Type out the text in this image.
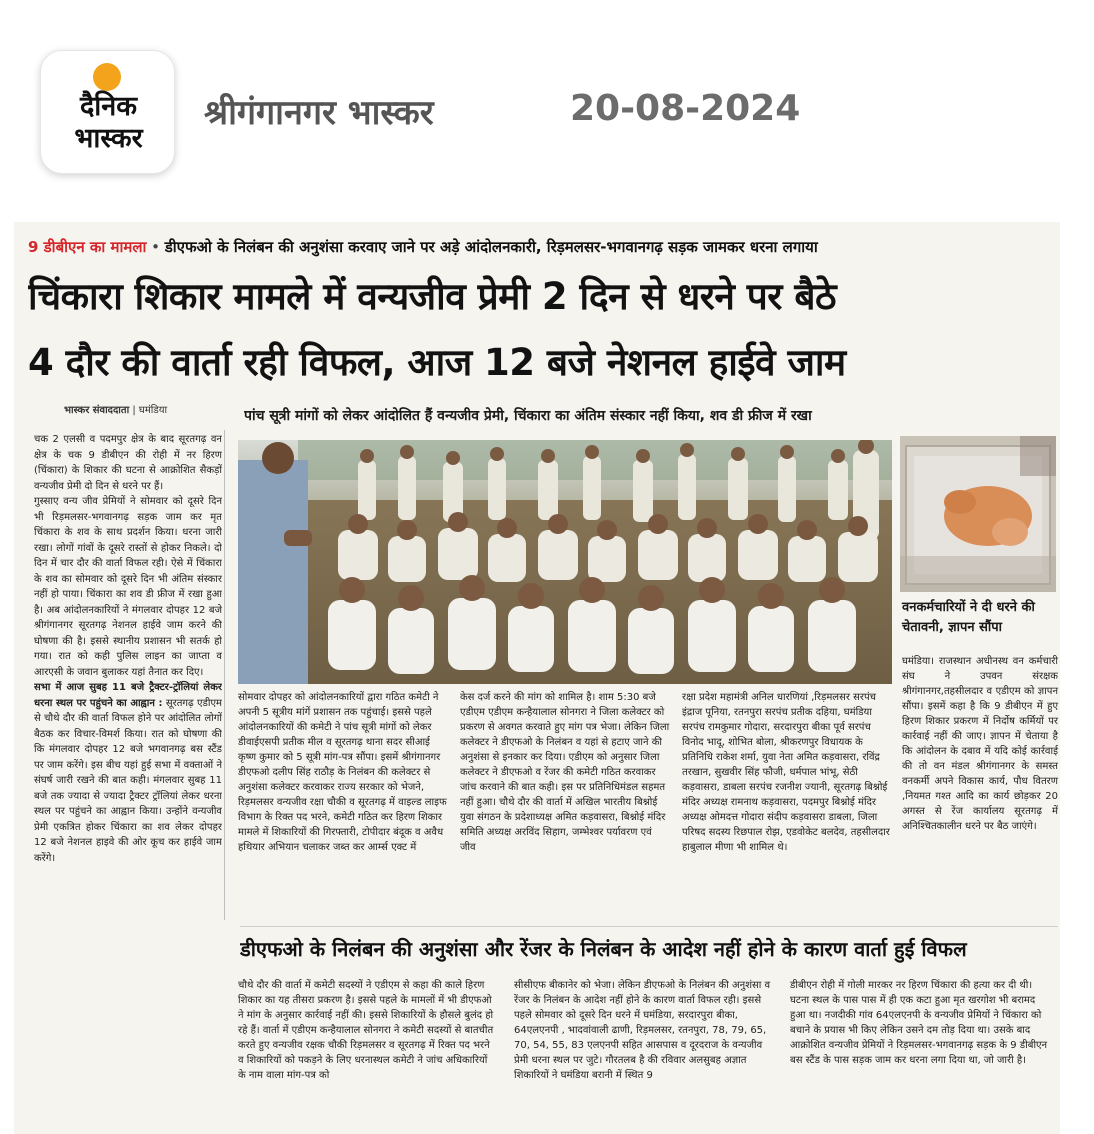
दैनिक
भास्कर
श्रीगंगानगर भास्कर	20-08-2024
9 डीबीएन का मामला • डीएफओ के निलंबन की अनुशंसा करवाए जाने पर अड़े आंदोलनकारी, रिड़मलसर-भगवानगढ़ सड़क जामकर धरना लगाया
चिंकारा शिकार मामले में वन्यजीव प्रेमी 2 दिन से धरने पर बैठे
4 दौर की वार्ता रही विफल, आज 12 बजे नेशनल हाईवे जाम
भास्कर संवाददाता | घमंडिया	पांच सूत्री मांगों को लेकर आंदोलित हैं वन्यजीव प्रेमी, चिंकारा का अंतिम संस्कार नहीं किया, शव डी फ्रीज में रखा

चक 2 एलसी व पदमपुर क्षेत्र के बाद सूरतगढ़ वन क्षेत्र के चक 9 डीबीएन की रोही में नर हिरण (चिंकारा) के शिकार की घटना से आक्रोशित सैकड़ों वन्यजीव प्रेमी दो दिन से धरने पर हैं।

गुस्साए वन्य जीव प्रेमियों ने सोमवार को दूसरे दिन भी रिड़मलसर-भगवानगढ़ सड़क जाम कर मृत चिंकारा के शव के साथ प्रदर्शन किया। धरना जारी रखा। लोगों गांवों के दूसरे रास्तों से होकर निकले। दो दिन में चार दौर की वार्ता विफल रही। ऐसे में चिंकारा के शव का सोमवार को दूसरे दिन भी अंतिम संस्कार नहीं हो पाया। चिंकारा का शव डी फ्रीज में रखा हुआ है। अब आंदोलनकारियों ने मंगलवार दोपहर 12 बजे श्रीगंगानगर सूरतगढ़ नेशनल हाईवे जाम करने की घोषणा की है। इससे स्थानीय प्रशासन भी सतर्क हो गया। रात को कही पुलिस लाइन का जाप्ता व आरएसी के जवान बुलाकर यहां तैनात कर दिए।

सभा में आज सुबह 11 बजे ट्रैक्टर-ट्रॉलियां लेकर धरना स्थल पर पहुंचने का आह्वान : सूरतगढ़ एडीएम से चौथे दौर की वार्ता विफल होने पर आंदोलित लोगों बैठक कर विचार-विमर्श किया। रात को घोषणा की कि मंगलवार दोपहर 12 बजे भगवानगढ़ बस स्टैंड पर जाम करेंगे। इस बीच यहां हुई सभा में वक्ताओं ने संघर्ष जारी रखने की बात कही। मंगलवार सुबह 11 बजे तक ज्यादा से ज्यादा ट्रैक्टर ट्रॉलियां लेकर धरना स्थल पर पहुंचने का आह्वान किया। उन्होंने वन्यजीव प्रेमी एकत्रित होकर चिंकारा का शव लेकर दोपहर 12 बजे नेशनल हाइवे की ओर कूच कर हाईवे जाम करेंगे।

वनकर्मचारियों ने दी धरने की चेतावनी, ज्ञापन सौंपा
घमंडिया। राजस्थान अधीनस्थ वन कर्मचारी संघ ने उपवन संरक्षक श्रीगंगानगर,तहसीलदार व एडीएम को ज्ञापन सौंपा। इसमें कहा है कि 9 डीबीएन में हुए हिरण शिकार प्रकरण में निर्दोष कर्मियों पर कार्रवाई नहीं की जाए। ज्ञापन में चेताया है कि आंदोलन के दबाव में यदि कोई कार्रवाई की तो वन मंडल श्रीगंगानगर के समस्त वनकर्मी अपने विकास कार्य, पौध वितरण ,नियमत गश्त आदि का कार्य छोड़कर 20 अगस्त से रेंज कार्यालय सूरतगढ़ में अनिश्चितकालीन धरने पर बैठ जाएंगे।
सोमवार दोपहर को आंदोलनकारियों द्वारा गठित कमेटी ने अपनी 5 सूत्रीय मांगें प्रशासन तक पहुंचाई। इससे पहले आंदोलनकारियों की कमेटी ने पांच सूत्री मांगों को लेकर डीवाईएसपी प्रतीक मील व सूरतगढ़ थाना सदर सीआई कृष्ण कुमार को 5 सूत्री मांग-पत्र सौंपा। इसमें श्रीगंगानगर डीएफओ दलीप सिंह राठौड़ के निलंबन की कलेक्टर से अनुशंसा कलेक्टर करवाकर राज्य सरकार को भेजने, रिड़मलसर वन्यजीव रक्षा चौकी व सूरतगढ़ में वाइल्ड लाइफ विभाग के रिक्त पद भरने, कमेटी गठित कर हिरण शिकार मामले में शिकारियों की गिरफ्तारी, टोपीदार बंदूक व अवैध हथियार अभियान चलाकर जब्त कर आर्म्स एक्ट में
केस दर्ज करने की मांग को शामिल है। शाम 5:30 बजे एडीएम एडीएम कन्हैयालाल सोनगरा ने जिला कलेक्टर को प्रकरण से अवगत करवाते हुए मांग पत्र भेजा। लेकिन जिला कलेक्टर ने डीएफओ के निलंबन व यहां से हटाए जाने की अनुशंसा से इनकार कर दिया। एडीएम को अनुसार जिला कलेक्टर ने डीएफओ व रेंजर की कमेटी गठित करवाकर जांच करवाने की बात कही। इस पर प्रतिनिधिमंडल सहमत नहीं हुआ। चौथे दौर की वार्ता में अखिल भारतीय बिश्नोई युवा संगठन के प्रदेशाध्यक्ष अमित कड़वासरा, बिश्नोई मंदिर समिति अध्यक्ष अरविंद सिहाग, जम्भेश्वर पर्यावरण एवं जीव
रक्षा प्रदेश महामंत्री अनिल धारणियां ,रिड़मलसर सरपंच इंद्राज पूनिया, रतनपुरा सरपंच प्रतीक दहिया, घमंडिया सरपंच रामकुमार गोदारा, सरदारपुरा बीका पूर्व सरपंच विनोद भादू, शोभित बोला, श्रीकरणपुर विधायक के प्रतिनिधि राकेश शर्मा, युवा नेता अमित कड़वासरा, रविंद्र तरखान, सुखवीर सिंह फौजी, धर्मपाल भांभू, सेठी कड़वासरा, डाबला सरपंच रजनीश ज्यानी, सूरतगढ़ बिश्नोई मंदिर अध्यक्ष रामनाथ कड़वासरा, पदमपुर बिश्नोई मंदिर अध्यक्ष ओमदत्त गोदारा संदीप कड़वासरा डाबला, जिला परिषद सदस्य रिछपाल रोझ, एडवोकेट बलदेव, तहसीलदार हाबुलाल मीणा भी शामिल थे।
डीएफओ के निलंबन की अनुशंसा और रेंजर के निलंबन के आदेश नहीं होने के कारण वार्ता हुई विफल
चौथे दौर की वार्ता में कमेटी सदस्यों ने एडीएम से कहा की काले हिरण शिकार का यह तीसरा प्रकरण है। इससे पहले के मामलों में भी डीएफओ ने मांग के अनुसार कार्रवाई नहीं की। इससे शिकारियों के हौसले बुलंद हो रहे हैं। वार्ता में एडीएम कन्हैयालाल सोनगरा ने कमेटी सदस्यों से बातचीत करते हुए वन्यजीव रक्षक चौकी रिड़मलसर व सूरतगढ़ में रिक्त पद भरने व शिकारियों को पकड़ने के लिए धरनास्थल कमेटी ने जांच अधिकारियों के नाम वाला मांग-पत्र को
सीसीएफ बीकानेर को भेजा। लेकिन डीएफओ के निलंबन की अनुशंसा व रेंजर के निलंबन के आदेश नहीं होने के कारण वार्ता विफल रही। इससे पहले सोमवार को दूसरे दिन धरने में घमंडिया, सरदारपुरा बीका, 64एलएनपी , भादवांवाली ढाणी, रिड़मलसर, रतनपुरा, 78, 79, 65, 70, 54, 55, 83 एलएनपी सहित आसपास व दूरदराज के वन्यजीव प्रेमी धरना स्थल पर जुटे। गौरतलब है की रविवार अलसुबह अज्ञात शिकारियों ने घमंडिया बरानी में स्थित 9
डीबीएन रोही में गोली मारकर नर हिरण चिंकारा की हत्या कर दी थी। घटना स्थल के पास पास में ही एक कटा हुआ मृत खरगोश भी बरामद हुआ था। नजदीकी गांव 64एलएनपी के वन्यजीव प्रेमियों ने चिंकारा को बचाने के प्रयास भी किए लेकिन उसने दम तोड़ दिया था। उसके बाद आक्रोशित वन्यजीव प्रेमियों ने रिड़मलसर-भगवानगढ़ सड़क के 9 डीबीएन बस स्टैंड के पास सड़क जाम कर धरना लगा दिया था, जो जारी है।
